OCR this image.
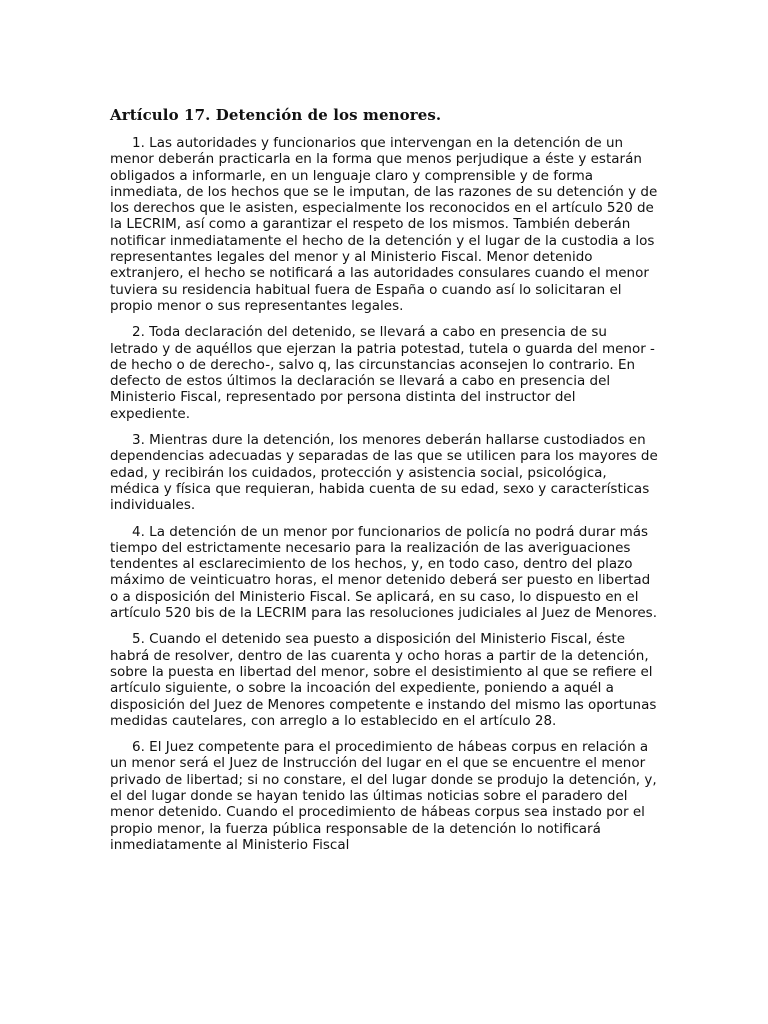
Artículo 17. Detención de los menores.

1. Las autoridades y funcionarios que intervengan en la detención de un menor deberán practicarla en la forma que menos perjudique a éste y estarán obligados a informarle, en un lenguaje claro y comprensible y de forma inmediata, de los hechos que se le imputan, de las razones de su detención y de los derechos que le asisten, especialmente los reconocidos en el artículo 520 de la LECRIM, así como a garantizar el respeto de los mismos. También deberán notificar inmediatamente el hecho de la detención y el lugar de la custodia a los representantes legales del menor y al Ministerio Fiscal. Menor detenido extranjero, el hecho se notificará a las autoridades consulares cuando el menor tuviera su residencia habitual fuera de España o cuando así lo solicitaran el propio menor o sus representantes legales.

2. Toda declaración del detenido, se llevará a cabo en presencia de su letrado y de aquéllos que ejerzan la patria potestad, tutela o guarda del menor -de hecho o de derecho-, salvo q, las circunstancias aconsejen lo contrario. En defecto de estos últimos la declaración se llevará a cabo en presencia del Ministerio Fiscal, representado por persona distinta del instructor del expediente.

3. Mientras dure la detención, los menores deberán hallarse custodiados en dependencias adecuadas y separadas de las que se utilicen para los mayores de edad, y recibirán los cuidados, protección y asistencia social, psicológica, médica y física que requieran, habida cuenta de su edad, sexo y características individuales.

4. La detención de un menor por funcionarios de policía no podrá durar más tiempo del estrictamente necesario para la realización de las averiguaciones tendentes al esclarecimiento de los hechos, y, en todo caso, dentro del plazo máximo de veinticuatro horas, el menor detenido deberá ser puesto en libertad o a disposición del Ministerio Fiscal. Se aplicará, en su caso, lo dispuesto en el artículo 520 bis de la LECRIM para las resoluciones judiciales al Juez de Menores.

5. Cuando el detenido sea puesto a disposición del Ministerio Fiscal, éste habrá de resolver, dentro de las cuarenta y ocho horas a partir de la detención, sobre la puesta en libertad del menor, sobre el desistimiento al que se refiere el artículo siguiente, o sobre la incoación del expediente, poniendo a aquél a disposición del Juez de Menores competente e instando del mismo las oportunas medidas cautelares, con arreglo a lo establecido en el artículo 28.

6. El Juez competente para el procedimiento de hábeas corpus en relación a un menor será el Juez de Instrucción del lugar en el que se encuentre el menor privado de libertad; si no constare, el del lugar donde se produjo la detención, y, el del lugar donde se hayan tenido las últimas noticias sobre el paradero del menor detenido. Cuando el procedimiento de hábeas corpus sea instado por el propio menor, la fuerza pública responsable de la detención lo notificará inmediatamente al Ministerio Fiscal
